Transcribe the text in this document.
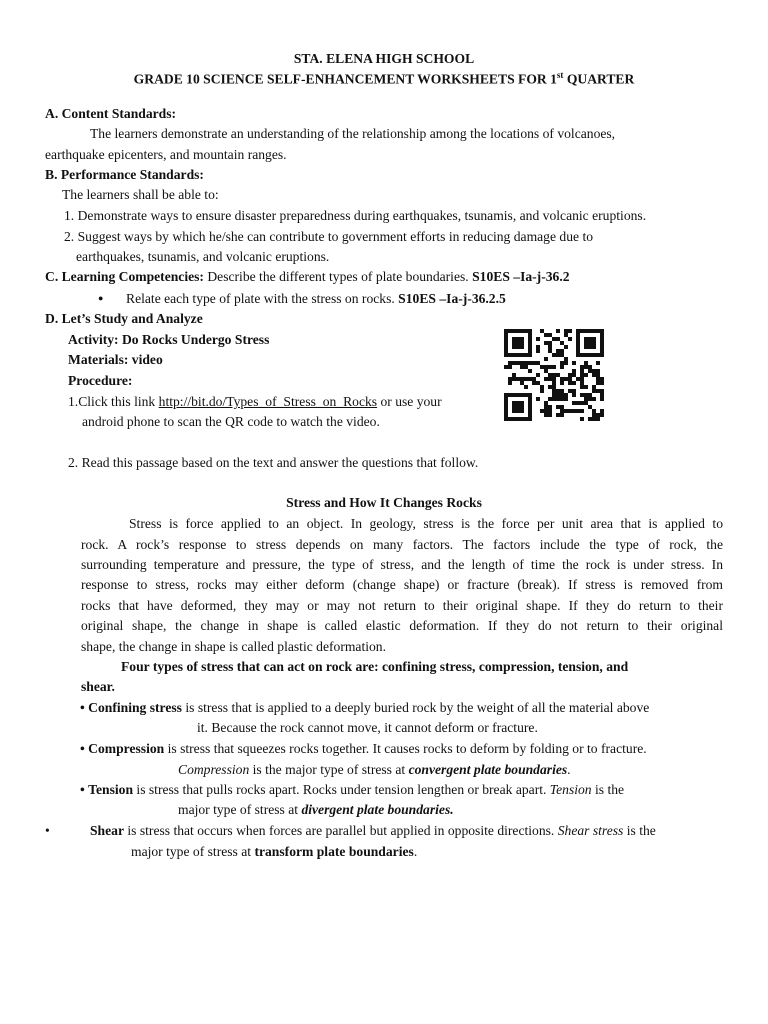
STA. ELENA HIGH SCHOOL
GRADE 10 SCIENCE SELF-ENHANCEMENT WORKSHEETS FOR 1st QUARTER
A. Content Standards:
The learners demonstrate an understanding of the relationship among the locations of volcanoes,
earthquake epicenters, and mountain ranges.
B. Performance Standards:
The learners shall be able to:
1. Demonstrate ways to ensure disaster preparedness during earthquakes, tsunamis, and volcanic eruptions.
2. Suggest ways by which he/she can contribute to government efforts in reducing damage due to
earthquakes, tsunamis, and volcanic eruptions.
C. Learning Competencies: Describe the different types of plate boundaries. S10ES –Ia-j-36.2
● Relate each type of plate with the stress on rocks. S10ES –Ia-j-36.2.5
D. Let’s Study and Analyze
Activity: Do Rocks Undergo Stress
Materials: video
Procedure:
1.Click this link http://bit.do/Types_of_Stress_on_Rocks or use your
android phone to scan the QR code to watch the video.
2. Read this passage based on the text and answer the questions that follow.
Stress and How It Changes Rocks
Stress is force applied to an object. In geology, stress is the force per unit area that is applied to
rock. A rock’s response to stress depends on many factors. The factors include the type of rock, the
surrounding temperature and pressure, the type of stress, and the length of time the rock is under stress. In
response to stress, rocks may either deform (change shape) or fracture (break). If stress is removed from
rocks that have deformed, they may or may not return to their original shape. If they do return to their
original shape, the change in shape is called elastic deformation. If they do not return to their original
shape, the change in shape is called plastic deformation.
Four types of stress that can act on rock are: confining stress, compression, tension, and
shear.
• Confining stress is stress that is applied to a deeply buried rock by the weight of all the material above
it. Because the rock cannot move, it cannot deform or fracture.
• Compression is stress that squeezes rocks together. It causes rocks to deform by folding or to fracture.
Compression is the major type of stress at convergent plate boundaries.
• Tension is stress that pulls rocks apart. Rocks under tension lengthen or break apart. Tension is the
major type of stress at divergent plate boundaries.
•	Shear is stress that occurs when forces are parallel but applied in opposite directions. Shear stress is the
major type of stress at transform plate boundaries.
